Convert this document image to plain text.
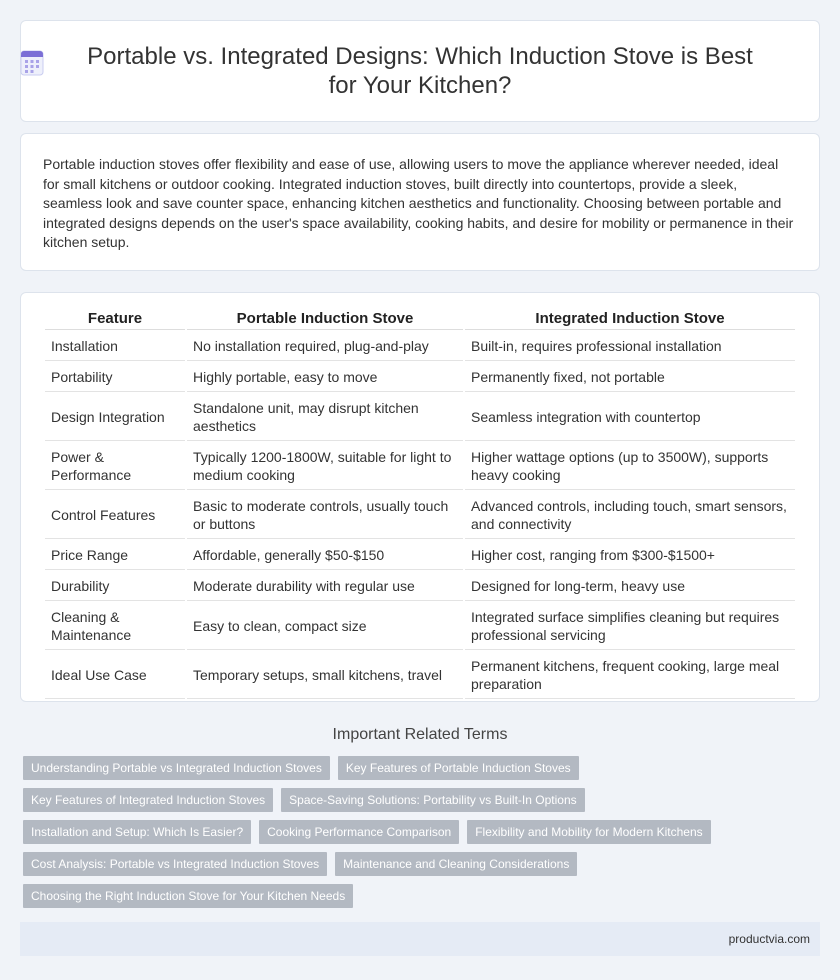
Portable vs. Integrated Designs: Which Induction Stove is Best for Your Kitchen?

Portable induction stoves offer flexibility and ease of use, allowing users to move the appliance wherever needed, ideal for small kitchens or outdoor cooking. Integrated induction stoves, built directly into countertops, provide a sleek, seamless look and save counter space, enhancing kitchen aesthetics and functionality. Choosing between portable and integrated designs depends on the user's space availability, cooking habits, and desire for mobility or permanence in their kitchen setup.

Feature	Portable Induction Stove	Integrated Induction Stove
Installation	No installation required, plug-and-play	Built-in, requires professional installation
Portability	Highly portable, easy to move	Permanently fixed, not portable
Design Integration	Standalone unit, may disrupt kitchen aesthetics	Seamless integration with countertop
Power & Performance	Typically 1200-1800W, suitable for light to medium cooking	Higher wattage options (up to 3500W), supports heavy cooking
Control Features	Basic to moderate controls, usually touch or buttons	Advanced controls, including touch, smart sensors, and connectivity
Price Range	Affordable, generally $50-$150	Higher cost, ranging from $300-$1500+
Durability	Moderate durability with regular use	Designed for long-term, heavy use
Cleaning & Maintenance	Easy to clean, compact size	Integrated surface simplifies cleaning but requires professional servicing
Ideal Use Case	Temporary setups, small kitchens, travel	Permanent kitchens, frequent cooking, large meal preparation
Important Related Terms
Understanding Portable vs Integrated Induction Stoves	Key Features of Portable Induction Stoves
Key Features of Integrated Induction Stoves	Space-Saving Solutions: Portability vs Built-In Options
Installation and Setup: Which Is Easier?	Cooking Performance Comparison	Flexibility and Mobility for Modern Kitchens
Cost Analysis: Portable vs Integrated Induction Stoves	Maintenance and Cleaning Considerations
Choosing the Right Induction Stove for Your Kitchen Needs
productvia.com
